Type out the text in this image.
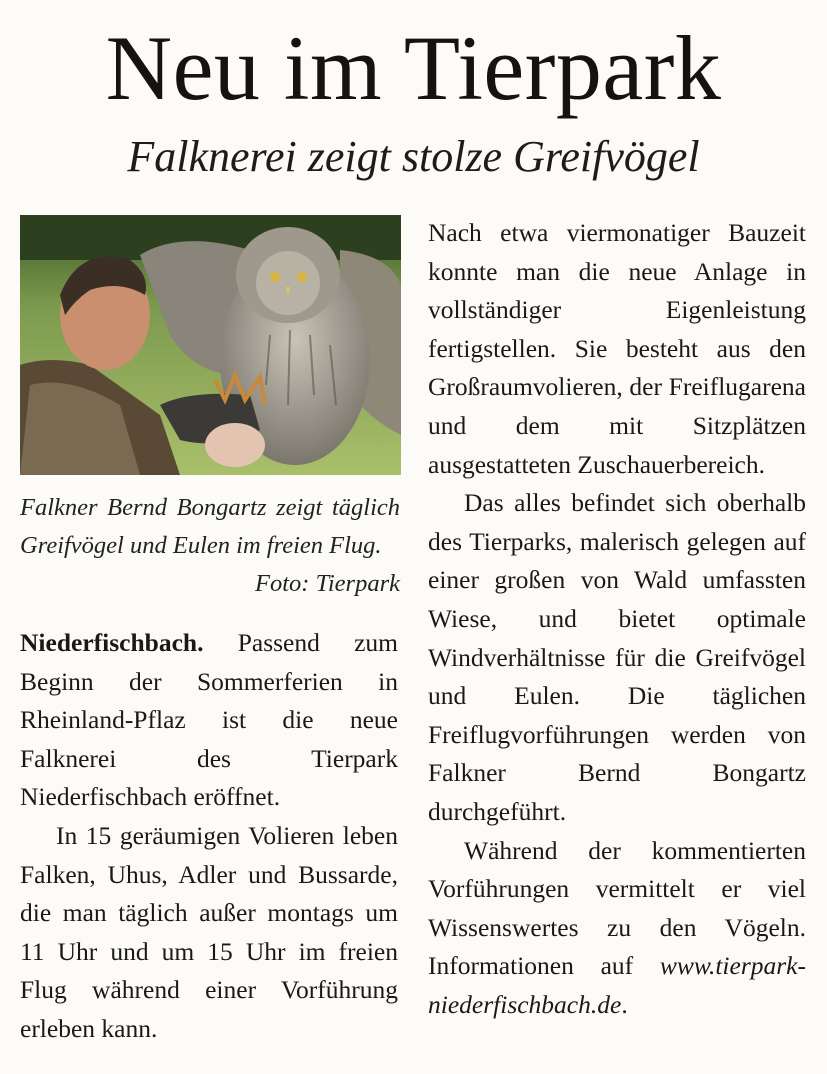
Neu im Tierpark
Falknerei zeigt stolze Greifvögel
Falkner Bernd Bongartz zeigt täglich Greifvögel und Eulen im freien Flug.
Foto: Tierpark

Niederfischbach. Passend zum Beginn der Sommerferien in Rheinland-Pflaz ist die neue Falknerei des Tierpark Niederfischbach eröffnet.

In 15 geräumigen Volieren leben Falken, Uhus, Adler und Bussarde, die man täglich außer montags um 11 Uhr und um 15 Uhr im freien Flug während einer Vorführung erleben kann.

Nach etwa viermonatiger Bauzeit konnte man die neue Anlage in vollständiger Eigenleistung fertigstellen. Sie besteht aus den Großraumvolieren, der Freiflugarena und dem mit Sitzplätzen ausgestatteten Zuschauerbereich.

Das alles befindet sich oberhalb des Tierparks, malerisch gelegen auf einer großen von Wald umfassten Wiese, und bietet optimale Windverhältnisse für die Greifvögel und Eulen. Die täglichen Freiflugvorführungen werden von Falkner Bernd Bongartz durchgeführt.

Während der kommentierten Vorführungen vermittelt er viel Wissenswertes zu den Vögeln. Informationen auf www.tierpark-niederfischbach.de.
